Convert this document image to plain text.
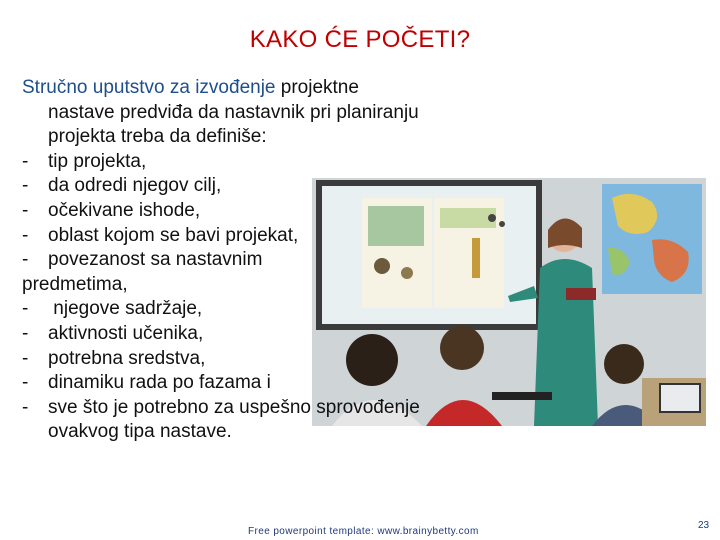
KAKO ĆE POČETI?
Stručno uputstvo za izvođenje projektne
nastave predviđa da nastavnik pri planiranju
projekta treba da definiše:
- tip projekta,
- da odredi njegov cilj,
- očekivane ishode,
- oblast kojom se bavi projekat,
- povezanost sa nastavnim
predmetima,
- njegove sadržaje,
- aktivnosti učenika,
- potrebna sredstva,
- dinamiku rada po fazama i
- sve što je potrebno za uspešno sprovođenje
ovakvog tipa nastave.
Free powerpoint template: www.brainybetty.com
23
